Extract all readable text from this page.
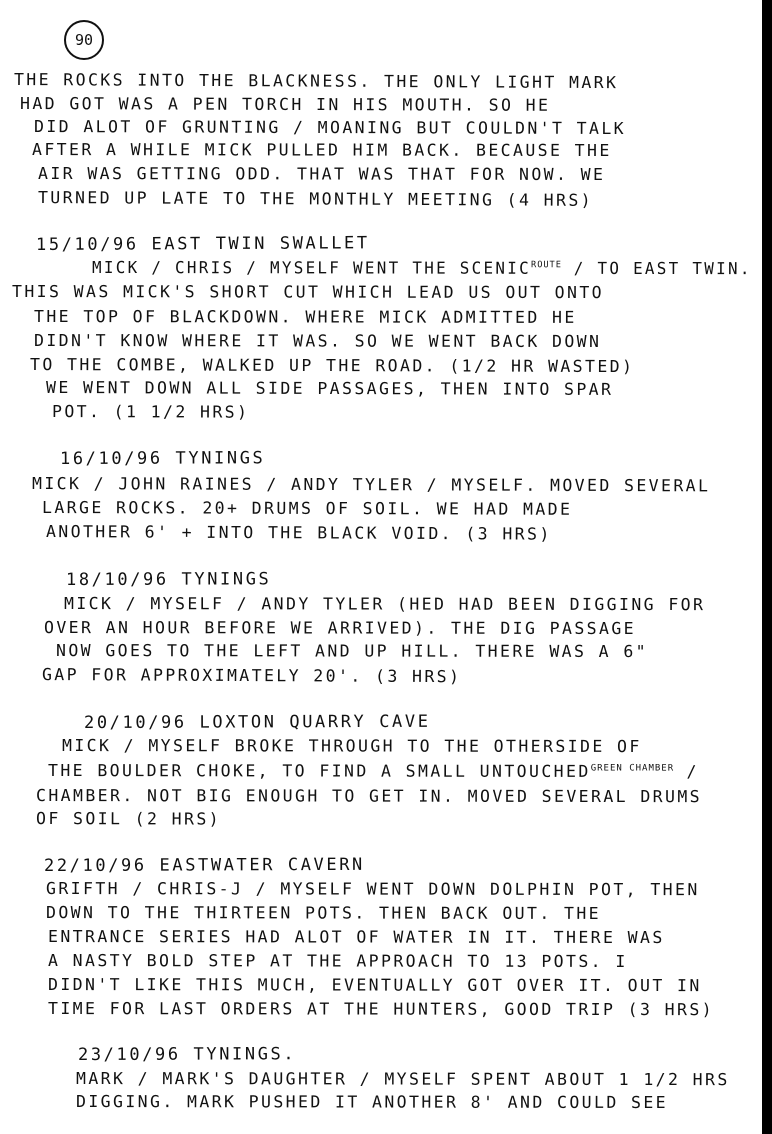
90
THE ROCKS INTO THE BLACKNESS. THE ONLY LIGHT MARK
HAD GOT WAS A PEN TORCH IN HIS MOUTH. SO HE
DID ALOT OF GRUNTING / MOANING BUT COULDN'T TALK
AFTER A WHILE MICK PULLED HIM BACK. BECAUSE THE
AIR WAS GETTING ODD. THAT WAS THAT FOR NOW. WE
TURNED UP LATE TO THE MONTHLY MEETING (4 HRS)
15/10/96 EAST TWIN SWALLET
MICK / CHRIS / MYSELF WENT THE $SCENIC^{ROUTE}$ / TO EAST TWIN.
THIS WAS MICK'S SHORT CUT WHICH LEAD US OUT ONTO
THE TOP OF BLACKDOWN. WHERE MICK ADMITTED HE
DIDN'T KNOW WHERE IT WAS. SO WE WENT BACK DOWN
TO THE COMBE, WALKED UP THE ROAD. (1/2 HR WASTED)
WE WENT DOWN ALL SIDE PASSAGES, THEN INTO SPAR
POT. (1 1/2 HRS)
16/10/96 TYNINGS
MICK / JOHN RAINES / ANDY TYLER / MYSELF. MOVED SEVERAL
LARGE ROCKS. 20+ DRUMS OF SOIL. WE HAD MADE
ANOTHER 6' + INTO THE BLACK VOID. (3 HRS)
18/10/96 TYNINGS
MICK / MYSELF / ANDY TYLER (HED HAD BEEN DIGGING FOR
OVER AN HOUR BEFORE WE ARRIVED). THE DIG PASSAGE
NOW GOES TO THE LEFT AND UP HILL. THERE WAS A 6"
GAP FOR APPROXIMATELY 20'. (3 HRS)
20/10/96 LOXTON QUARRY CAVE
MICK / MYSELF BROKE THROUGH TO THE OTHERSIDE OF
THE BOULDER CHOKE, TO FIND A SMALL $UNTOUCHED^{GREEN CHAMBER}$ /
CHAMBER. NOT BIG ENOUGH TO GET IN. MOVED SEVERAL DRUMS
OF SOIL (2 HRS)
22/10/96 EASTWATER CAVERN
GRIFTH / CHRIS-J / MYSELF WENT DOWN DOLPHIN POT, THEN
DOWN TO THE THIRTEEN POTS. THEN BACK OUT. THE
ENTRANCE SERIES HAD ALOT OF WATER IN IT. THERE WAS
A NASTY BOLD STEP AT THE APPROACH TO 13 POTS. I
DIDN'T LIKE THIS MUCH, EVENTUALLY GOT OVER IT. OUT IN
TIME FOR LAST ORDERS AT THE HUNTERS, GOOD TRIP (3 HRS)
23/10/96 TYNINGS.
MARK / MARK'S DAUGHTER / MYSELF SPENT ABOUT 1 1/2 HRS
DIGGING. MARK PUSHED IT ANOTHER 8' AND COULD SEE
